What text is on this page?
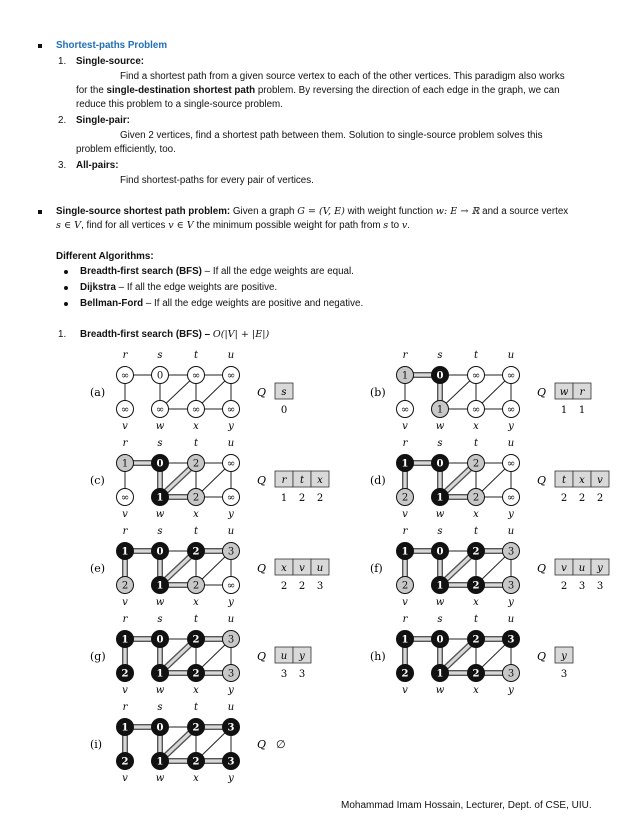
Shortest-paths Problem
1. Single-source:
Find a shortest path from a given source vertex to each of the other vertices. This paradigm also works
for the single-destination shortest path problem. By reversing the direction of each edge in the graph, we can
reduce this problem to a single-source problem.
2. Single-pair:
Given 2 vertices, find a shortest path between them. Solution to single-source problem solves this
problem efficiently, too.
3. All-pairs:
Find shortest-paths for every pair of vertices.
Single-source shortest path problem: Given a graph G = (V, E) with weight function w: E → ℝ and a source vertex
s ∈ V, find for all vertices v ∈ V the minimum possible weight for path from s to v.
Different Algorithms:
Breadth-first search (BFS) – If all the edge weights are equal.
Dijkstra – If all the edge weights are positive.
Bellman-Ford – If all the edge weights are positive and negative.
1. Breadth-first search (BFS) – O(|V| + |E|)
(a)
r	s	t	u
v	w	x	y
∞	0	∞	∞
∞	∞	∞	∞
Q s
0
(b)
r	s	t	u
v	w	x	y
1	0	∞	∞
∞	1	∞	∞
Q w
1
r
1
(c)
r	s	t	u
v	w	x	y
1	0	2	∞
∞	1	2	∞
Q r
1
t
2
x
2
(d)
r	s	t	u
v	w	x	y
1	0	2	∞
2	1	2	∞
Q t
2
x
2
v
2
(e)
r	s	t	u
v	w	x	y
1	0	2	3
2	1	2	∞
Q x
2
v
2
u
3
(f)
r	s	t	u
v	w	x	y
1	0	2	3
2	1	2	3
Q v
2
u
3
y
3
(g)
r	s	t	u
v	w	x	y
1	0	2	3
2	1	2	3
Q u
3
y
3
(h)
r	s	t	u
v	w	x	y
1	0	2	3
2	1	2	3
Q y
3
(i)
r	s	t	u
v	w	x	y
1	0	2	3
2	1	2	3
Q ∅
Mohammad Imam Hossain, Lecturer, Dept. of CSE, UIU.
